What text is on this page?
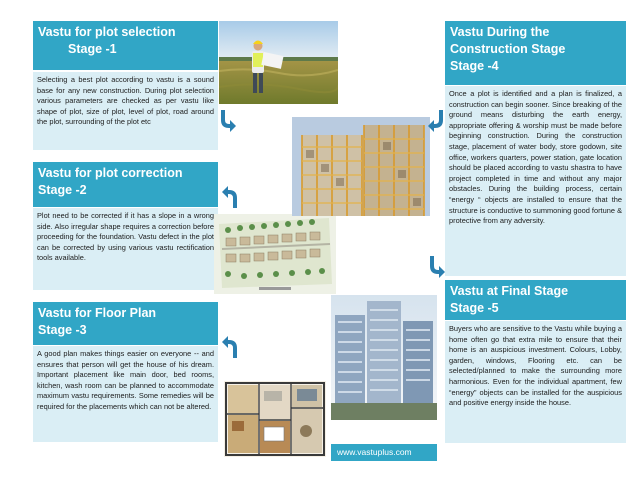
Vastu for plot selection
Stage -1
Selecting a best plot according to vastu is a sound base for any new construction. During plot selection various parameters are checked as per vastu like shape of plot, size of plot, level of plot, road around the plot, surrounding of the plot etc
Vastu for plot correction
Stage -2
Plot need to be corrected if it has a slope in a wrong side. Also irregular shape requires a correction before proceeding for the foundation. Vastu defect in the plot can be corrected by using various vastu rectification tools available.
Vastu for Floor Plan
Stage -3
A good plan makes things easier on everyone -- and ensures that person will get the house of his dream. Important placement like main door, bed rooms, kitchen, wash room can be planned to accommodate maximum vastu requirements. Some remedies will be required for the placements which can not be altered.
Vastu During the Construction Stage
Stage -4
Once a plot is identified and a plan is finalized, a construction can begin sooner. Since breaking of the ground means disturbing the earth energy, appropriate offering & worship must be made before beginning construction. During the construction stage, placement of water body, store godown, site office, workers quarters, power station, gate location should be placed according to vastu shastra to have project completed in time and without any major obstacles. During the building process, certain “energy “ objects are installed to ensure that the structure is conductive to summoning good fortune & protective from any adversity.
Vastu at Final Stage
Stage -5
Buyers who are sensitive to the Vastu while buying a home often go that extra mile to ensure that their home is an auspicious investment. Colours, Lobby, garden, windows, Flooring etc. can be selected/planned to make the surrounding more harmonious. Even for the individual apartment, few “energy” objects can be installed for the auspicious and positive energy inside the house.
www.vastuplus.com
